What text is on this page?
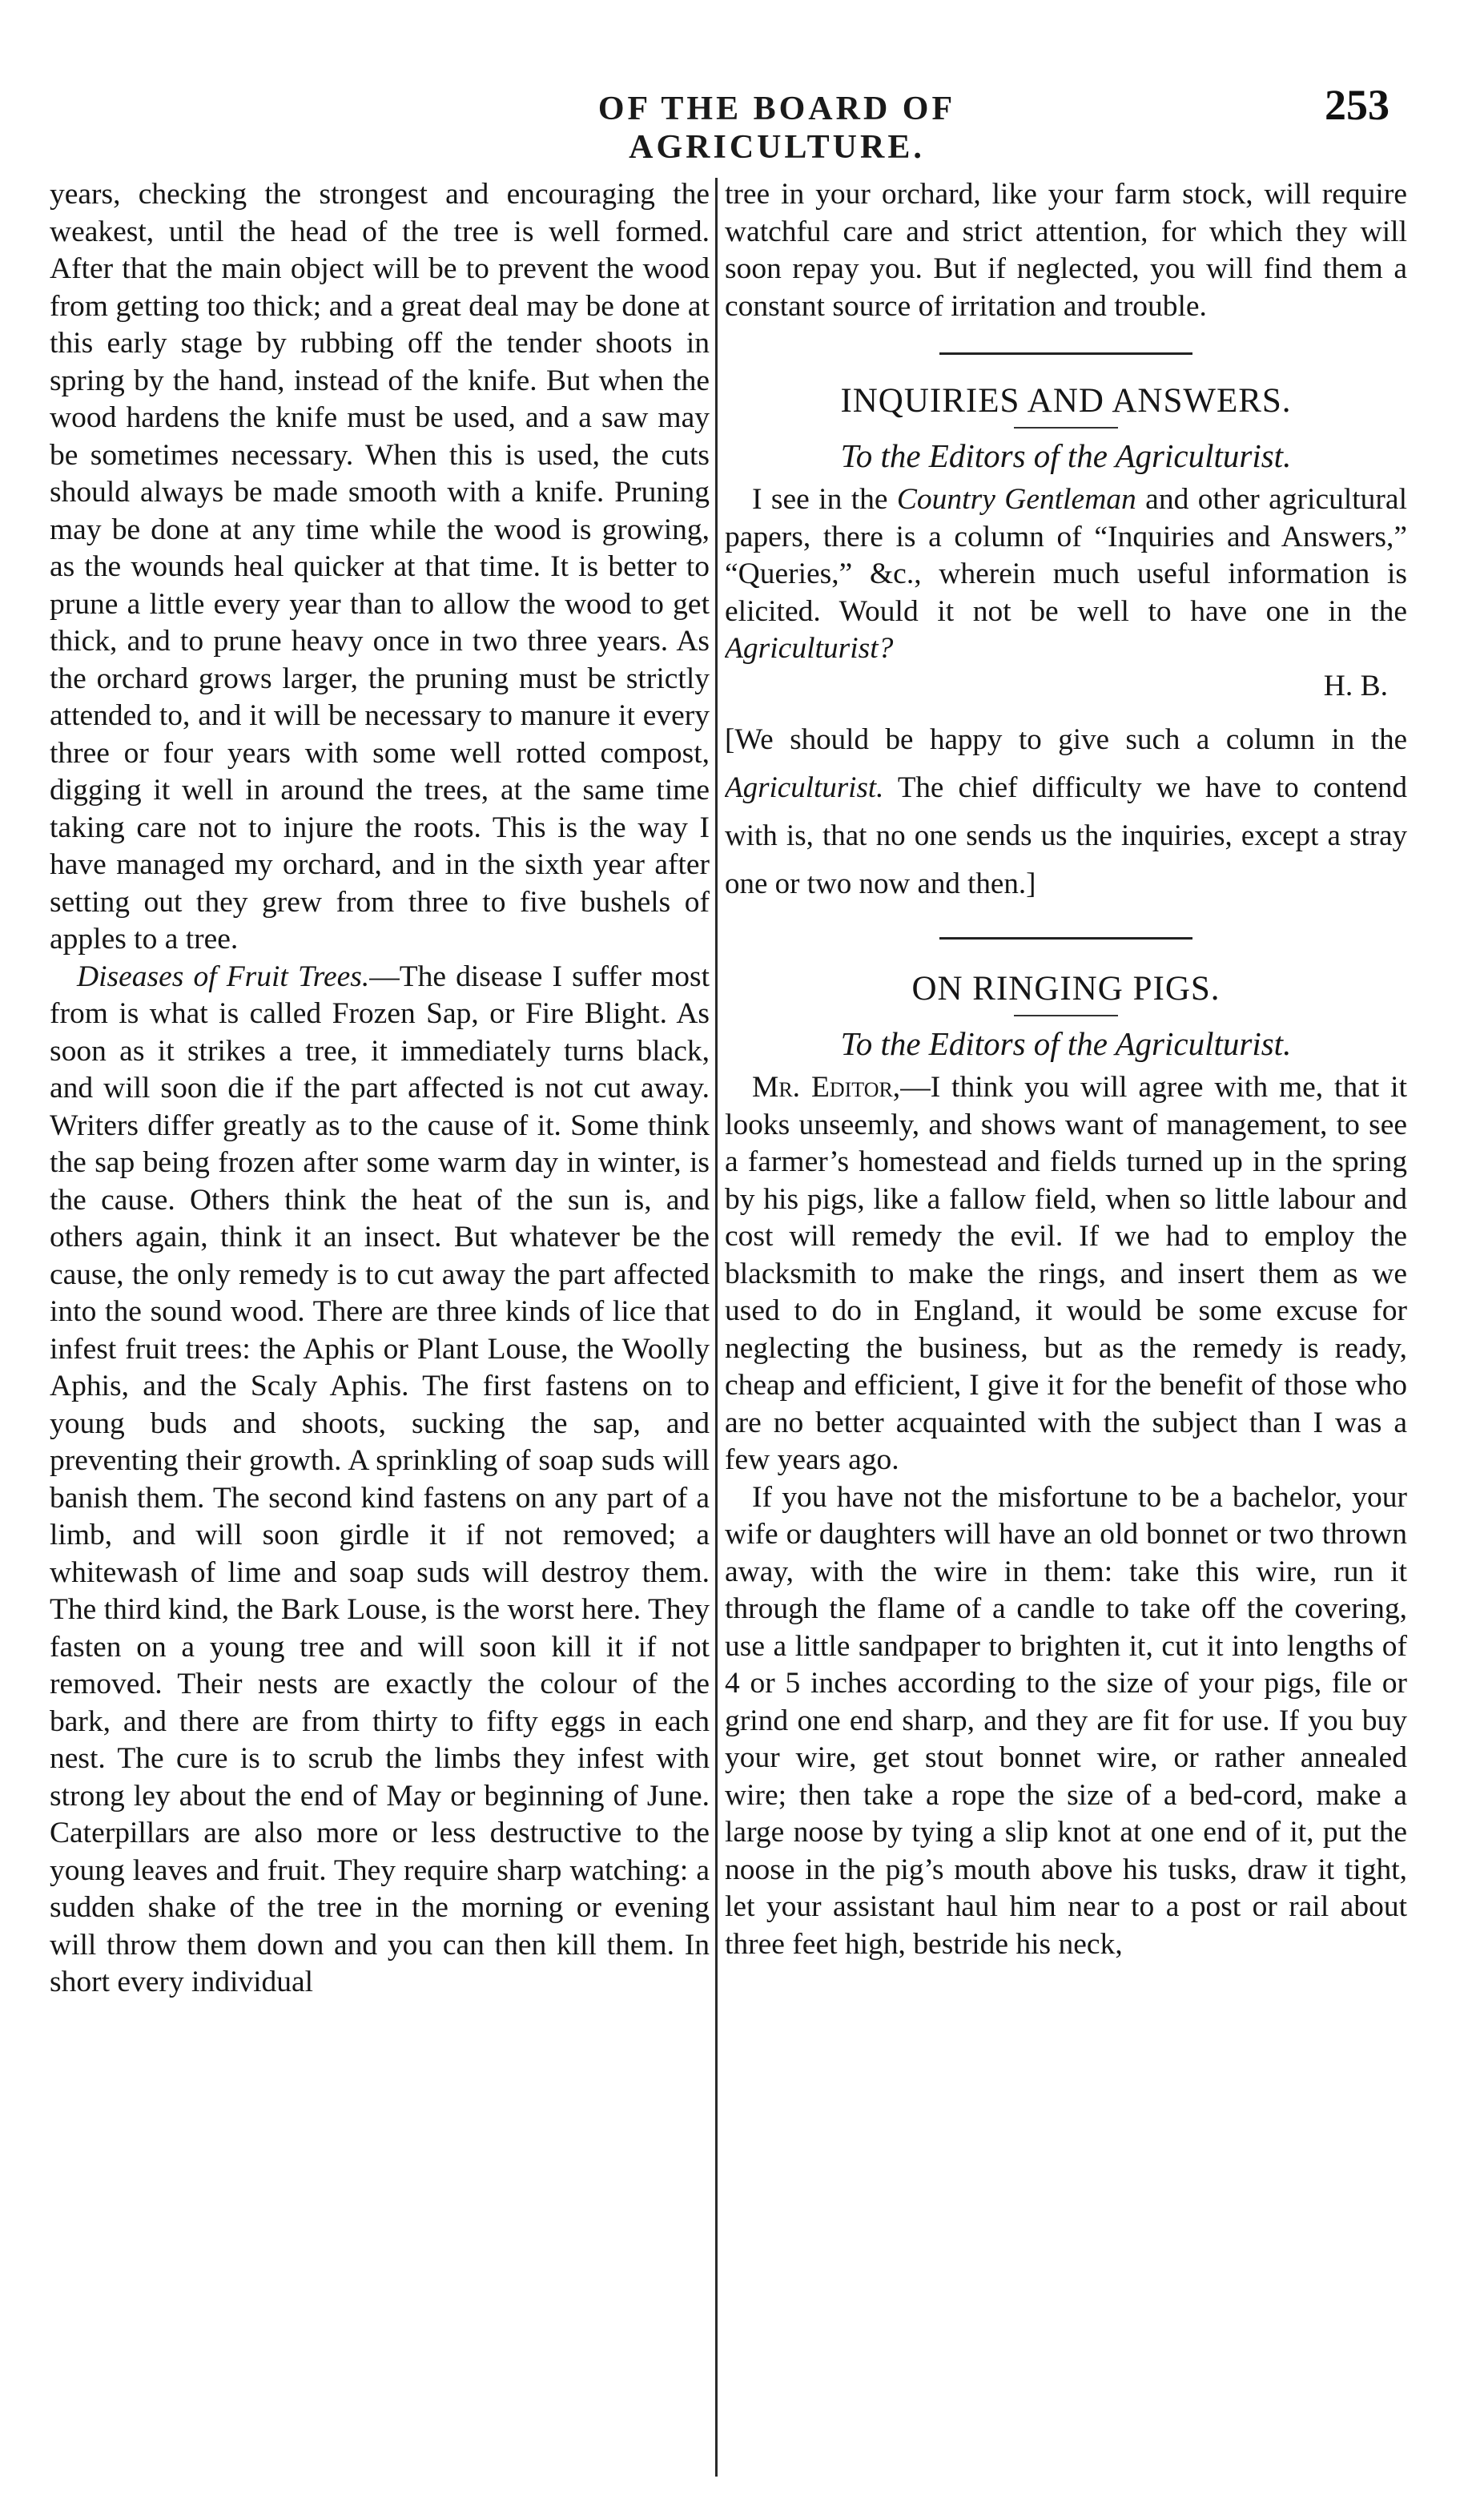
OF THE BOARD OF AGRICULTURE.
253

years, checking the strongest and encouraging the weakest, until the head of the tree is well formed. After that the main object will be to prevent the wood from getting too thick; and a great deal may be done at this early stage by rubbing off the tender shoots in spring by the hand, instead of the knife. But when the wood hardens the knife must be used, and a saw may be sometimes necessary. When this is used, the cuts should always be made smooth with a knife. Pruning may be done at any time while the wood is growing, as the wounds heal quicker at that time. It is better to prune a little every year than to allow the wood to get thick, and to prune heavy once in two three years. As the orchard grows larger, the pruning must be strictly attended to, and it will be necessary to manure it every three or four years with some well rotted compost, digging it well in around the trees, at the same time taking care not to injure the roots. This is the way I have managed my orchard, and in the sixth year after setting out they grew from three to five bushels of apples to a tree.

Diseases of Fruit Trees.—The disease I suffer most from is what is called Frozen Sap, or Fire Blight. As soon as it strikes a tree, it immediately turns black, and will soon die if the part affected is not cut away. Writers differ greatly as to the cause of it. Some think the sap being frozen after some warm day in winter, is the cause. Others think the heat of the sun is, and others again, think it an insect. But whatever be the cause, the only remedy is to cut away the part affected into the sound wood. There are three kinds of lice that infest fruit trees: the Aphis or Plant Louse, the Woolly Aphis, and the Scaly Aphis. The first fastens on to young buds and shoots, sucking the sap, and preventing their growth. A sprinkling of soap suds will banish them. The second kind fastens on any part of a limb, and will soon girdle it if not removed; a whitewash of lime and soap suds will destroy them. The third kind, the Bark Louse, is the worst here. They fasten on a young tree and will soon kill it if not removed. Their nests are exactly the colour of the bark, and there are from thirty to fifty eggs in each nest. The cure is to scrub the limbs they infest with strong ley about the end of May or beginning of June. Caterpillars are also more or less destructive to the young leaves and fruit. They require sharp watching: a sudden shake of the tree in the morning or evening will throw them down and you can then kill them. In short every individual

tree in your orchard, like your farm stock, will require watchful care and strict attention, for which they will soon repay you. But if neglected, you will find them a constant source of irritation and trouble.

INQUIRIES AND ANSWERS.
To the Editors of the Agriculturist.

I see in the Country Gentleman and other agricultural papers, there is a column of “Inquiries and Answers,” “Queries,” &c., wherein much useful information is elicited. Would it not be well to have one in the Agriculturist?

H. B.

[We should be happy to give such a column in the Agriculturist. The chief difficulty we have to contend with is, that no one sends us the inquiries, except a stray one or two now and then.]

ON RINGING PIGS.
To the Editors of the Agriculturist.

Mr. Editor,—I think you will agree with me, that it looks unseemly, and shows want of management, to see a farmer’s homestead and fields turned up in the spring by his pigs, like a fallow field, when so little labour and cost will remedy the evil. If we had to employ the blacksmith to make the rings, and insert them as we used to do in England, it would be some excuse for neglecting the business, but as the remedy is ready, cheap and efficient, I give it for the benefit of those who are no better acquainted with the subject than I was a few years ago.

If you have not the misfortune to be a bachelor, your wife or daughters will have an old bonnet or two thrown away, with the wire in them: take this wire, run it through the flame of a candle to take off the covering, use a little sandpaper to brighten it, cut it into lengths of 4 or 5 inches according to the size of your pigs, file or grind one end sharp, and they are fit for use. If you buy your wire, get stout bonnet wire, or rather annealed wire; then take a rope the size of a bed-cord, make a large noose by tying a slip knot at one end of it, put the noose in the pig’s mouth above his tusks, draw it tight, let your assistant haul him near to a post or rail about three feet high, bestride his neck,
